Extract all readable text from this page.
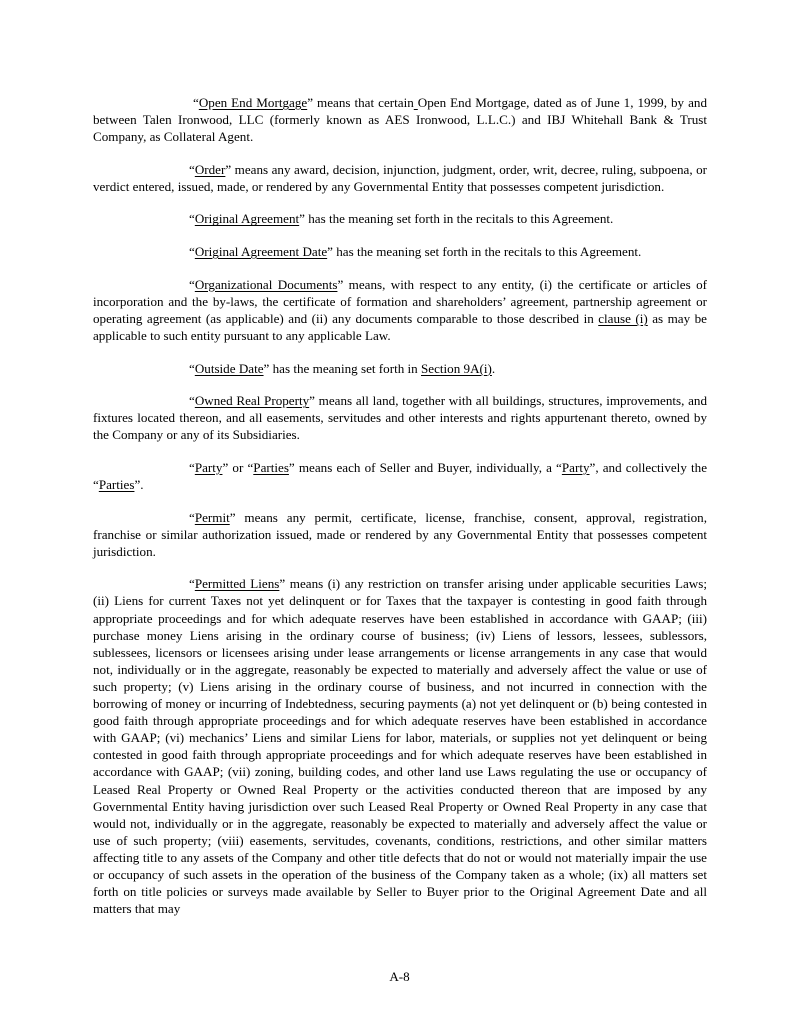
“Open End Mortgage” means that certain Open End Mortgage, dated as of June 1, 1999, by and between Talen Ironwood, LLC (formerly known as AES Ironwood, L.L.C.) and IBJ Whitehall Bank & Trust Company, as Collateral Agent.

“Order” means any award, decision, injunction, judgment, order, writ, decree, ruling, subpoena, or verdict entered, issued, made, or rendered by any Governmental Entity that possesses competent jurisdiction.

“Original Agreement” has the meaning set forth in the recitals to this Agreement.

“Original Agreement Date” has the meaning set forth in the recitals to this Agreement.

“Organizational Documents” means, with respect to any entity, (i) the certificate or articles of incorporation and the by-laws, the certificate of formation and shareholders’ agreement, partnership agreement or operating agreement (as applicable) and (ii) any documents comparable to those described in clause (i) as may be applicable to such entity pursuant to any applicable Law.

“Outside Date” has the meaning set forth in Section 9A(i).

“Owned Real Property” means all land, together with all buildings, structures, improvements, and fixtures located thereon, and all easements, servitudes and other interests and rights appurtenant thereto, owned by the Company or any of its Subsidiaries.

“Party” or “Parties” means each of Seller and Buyer, individually, a “Party”, and collectively the “Parties”.

“Permit” means any permit, certificate, license, franchise, consent, approval, registration, franchise or similar authorization issued, made or rendered by any Governmental Entity that possesses competent jurisdiction.

“Permitted Liens” means (i) any restriction on transfer arising under applicable securities Laws; (ii) Liens for current Taxes not yet delinquent or for Taxes that the taxpayer is contesting in good faith through appropriate proceedings and for which adequate reserves have been established in accordance with GAAP; (iii) purchase money Liens arising in the ordinary course of business; (iv) Liens of lessors, lessees, sublessors, sublessees, licensors or licensees arising under lease arrangements or license arrangements in any case that would not, individually or in the aggregate, reasonably be expected to materially and adversely affect the value or use of such property; (v) Liens arising in the ordinary course of business, and not incurred in connection with the borrowing of money or incurring of Indebtedness, securing payments (a) not yet delinquent or (b) being contested in good faith through appropriate proceedings and for which adequate reserves have been established in accordance with GAAP; (vi) mechanics’ Liens and similar Liens for labor, materials, or supplies not yet delinquent or being contested in good faith through appropriate proceedings and for which adequate reserves have been established in accordance with GAAP; (vii) zoning, building codes, and other land use Laws regulating the use or occupancy of Leased Real Property or Owned Real Property or the activities conducted thereon that are imposed by any Governmental Entity having jurisdiction over such Leased Real Property or Owned Real Property in any case that would not, individually or in the aggregate, reasonably be expected to materially and adversely affect the value or use of such property; (viii) easements, servitudes, covenants, conditions, restrictions, and other similar matters affecting title to any assets of the Company and other title defects that do not or would not materially impair the use or occupancy of such assets in the operation of the business of the Company taken as a whole; (ix) all matters set forth on title policies or surveys made available by Seller to Buyer prior to the Original Agreement Date and all matters that may

A-8
